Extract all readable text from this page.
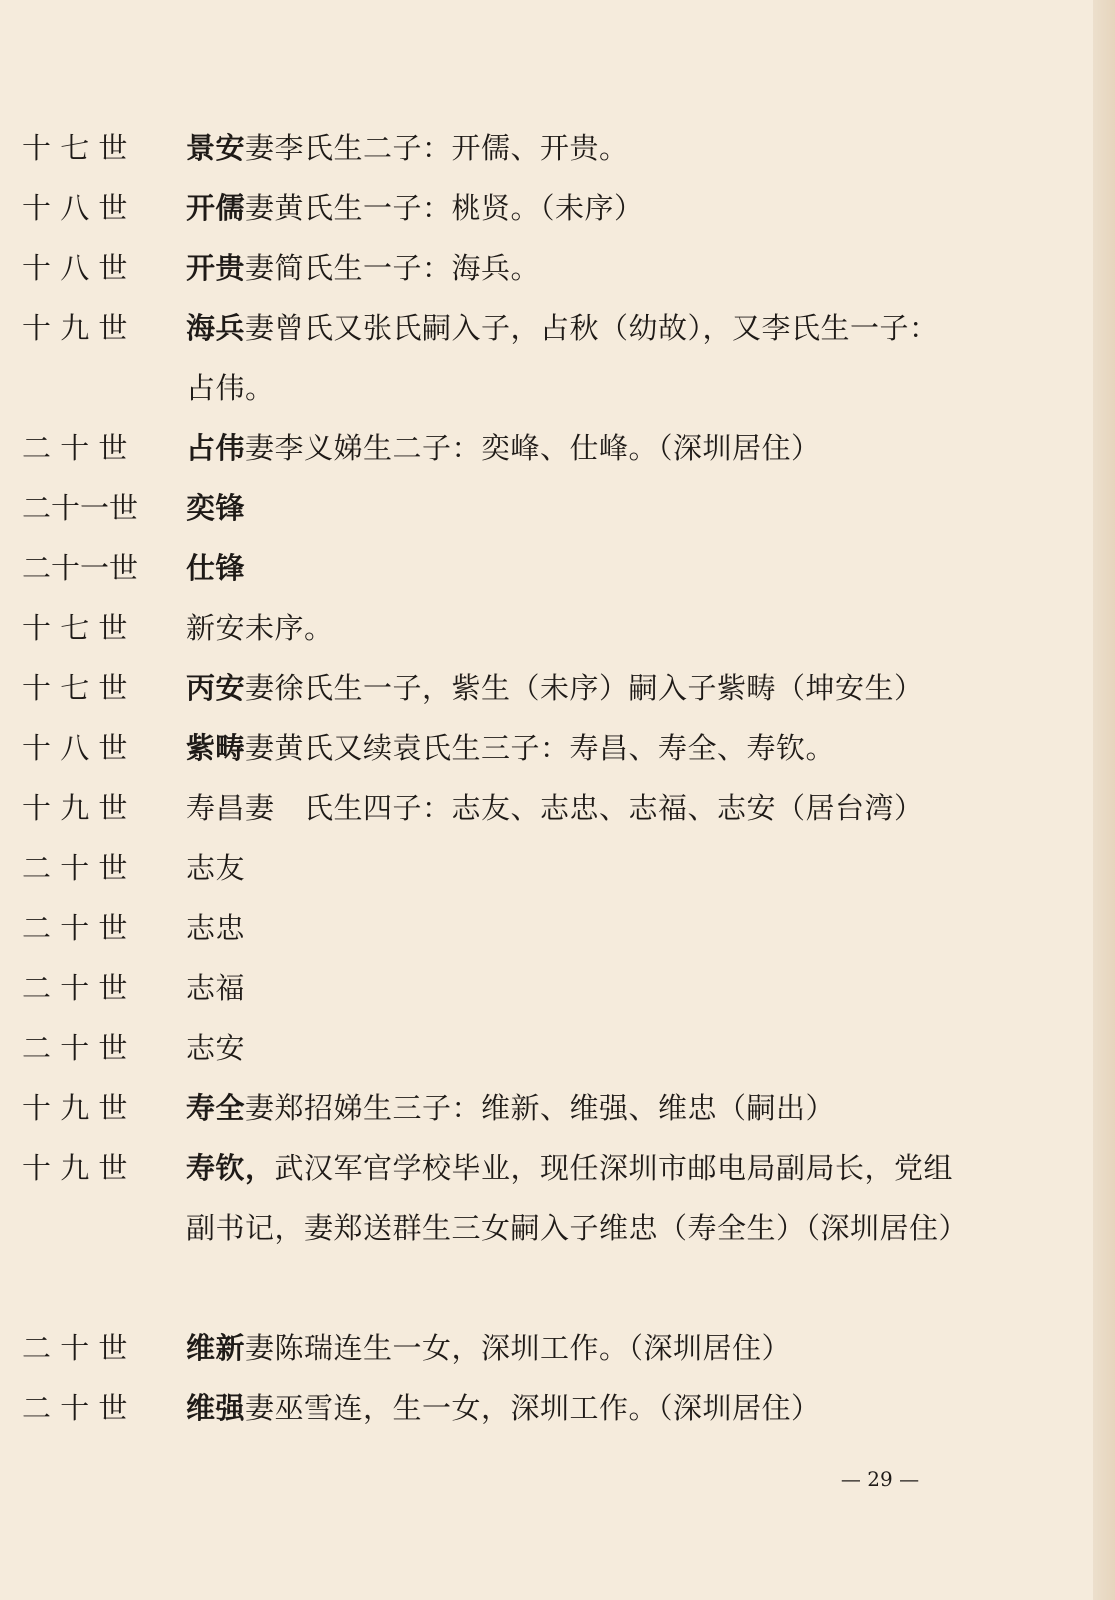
十 七 世	景安妻李氏生二子：开儒、开贵。
十 八 世	开儒妻黄氏生一子：桃贤。（未序）
十 八 世	开贵妻简氏生一子：海兵。
十 九 世	海兵妻曾氏又张氏嗣入子，占秋（幼故），又李氏生一子：占伟。
二 十 世	占伟妻李义娣生二子：奕峰、仕峰。（深圳居住）
二十一世	奕锋
二十一世	仕锋
十 七 世	新安未序。
十 七 世	丙安妻徐氏生一子，紫生（未序）嗣入子紫畴（坤安生）
十 八 世	紫畴妻黄氏又续袁氏生三子：寿昌、寿全、寿钦。
十 九 世	寿昌妻　氏生四子：志友、志忠、志福、志安（居台湾）
二 十 世	志友
二 十 世	志忠
二 十 世	志福
二 十 世	志安
十 九 世	寿全妻郑招娣生三子：维新、维强、维忠（嗣出）
十 九 世	寿钦，武汉军官学校毕业，现任深圳市邮电局副局长，党组副书记，妻郑送群生三女嗣入子维忠（寿全生）（深圳居住）
二 十 世	维新妻陈瑞连生一女，深圳工作。（深圳居住）
二 十 世	维强妻巫雪连，生一女，深圳工作。（深圳居住）
— 29 —
